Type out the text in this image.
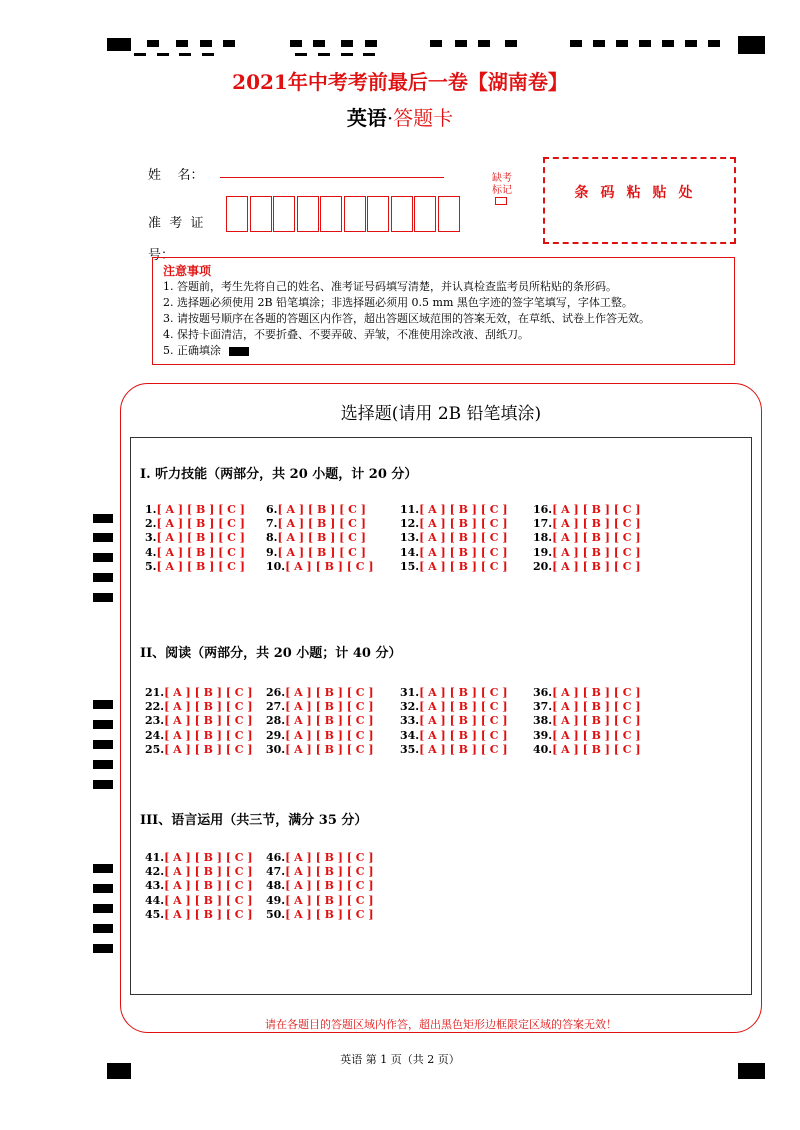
2021年中考考前最后一卷【湖南卷】
英语·答题卡
姓    名：
准  考  证
号：
缺考标记	条码粘贴处
注意事项
1. 答题前，考生先将自己的姓名、准考证号码填写清楚，并认真检查监考员所粘贴的条形码。
2. 选择题必须使用 2B 铅笔填涂；非选择题必须用 0.5 mm 黑色字迹的签字笔填写，字体工整。
3. 请按题号顺序在各题的答题区内作答，超出答题区域范围的答案无效，在草纸、试卷上作答无效。
4. 保持卡面清洁，不要折叠、不要弄破、弄皱，不准使用涂改液、刮纸刀。
5. 正确填涂
选择题(请用 2B 铅笔填涂)
I. 听力技能（两部分，共 20 小题，计 20 分）
II、阅读（两部分，共 20 小题；计 40 分）
III、语言运用（共三节，满分 35 分）
1.[ A ] [ B ] [ C ]
2.[ A ] [ B ] [ C ]
3.[ A ] [ B ] [ C ]
4.[ A ] [ B ] [ C ]
5.[ A ] [ B ] [ C ]
6.[ A ] [ B ] [ C ]
7.[ A ] [ B ] [ C ]
8.[ A ] [ B ] [ C ]
9.[ A ] [ B ] [ C ]
10.[ A ] [ B ] [ C ]
11.[ A ] [ B ] [ C ]
12.[ A ] [ B ] [ C ]
13.[ A ] [ B ] [ C ]
14.[ A ] [ B ] [ C ]
15.[ A ] [ B ] [ C ]
16.[ A ] [ B ] [ C ]
17.[ A ] [ B ] [ C ]
18.[ A ] [ B ] [ C ]
19.[ A ] [ B ] [ C ]
20.[ A ] [ B ] [ C ]
21.[ A ] [ B ] [ C ]
22.[ A ] [ B ] [ C ]
23.[ A ] [ B ] [ C ]
24.[ A ] [ B ] [ C ]
25.[ A ] [ B ] [ C ]
26.[ A ] [ B ] [ C ]
27.[ A ] [ B ] [ C ]
28.[ A ] [ B ] [ C ]
29.[ A ] [ B ] [ C ]
30.[ A ] [ B ] [ C ]
31.[ A ] [ B ] [ C ]
32.[ A ] [ B ] [ C ]
33.[ A ] [ B ] [ C ]
34.[ A ] [ B ] [ C ]
35.[ A ] [ B ] [ C ]
36.[ A ] [ B ] [ C ]
37.[ A ] [ B ] [ C ]
38.[ A ] [ B ] [ C ]
39.[ A ] [ B ] [ C ]
40.[ A ] [ B ] [ C ]
41.[ A ] [ B ] [ C ]
42.[ A ] [ B ] [ C ]
43.[ A ] [ B ] [ C ]
44.[ A ] [ B ] [ C ]
45.[ A ] [ B ] [ C ]
46.[ A ] [ B ] [ C ]
47.[ A ] [ B ] [ C ]
48.[ A ] [ B ] [ C ]
49.[ A ] [ B ] [ C ]
50.[ A ] [ B ] [ C ]
请在各题目的答题区域内作答，超出黑色矩形边框限定区域的答案无效！
英语 第 1 页（共 2 页）
